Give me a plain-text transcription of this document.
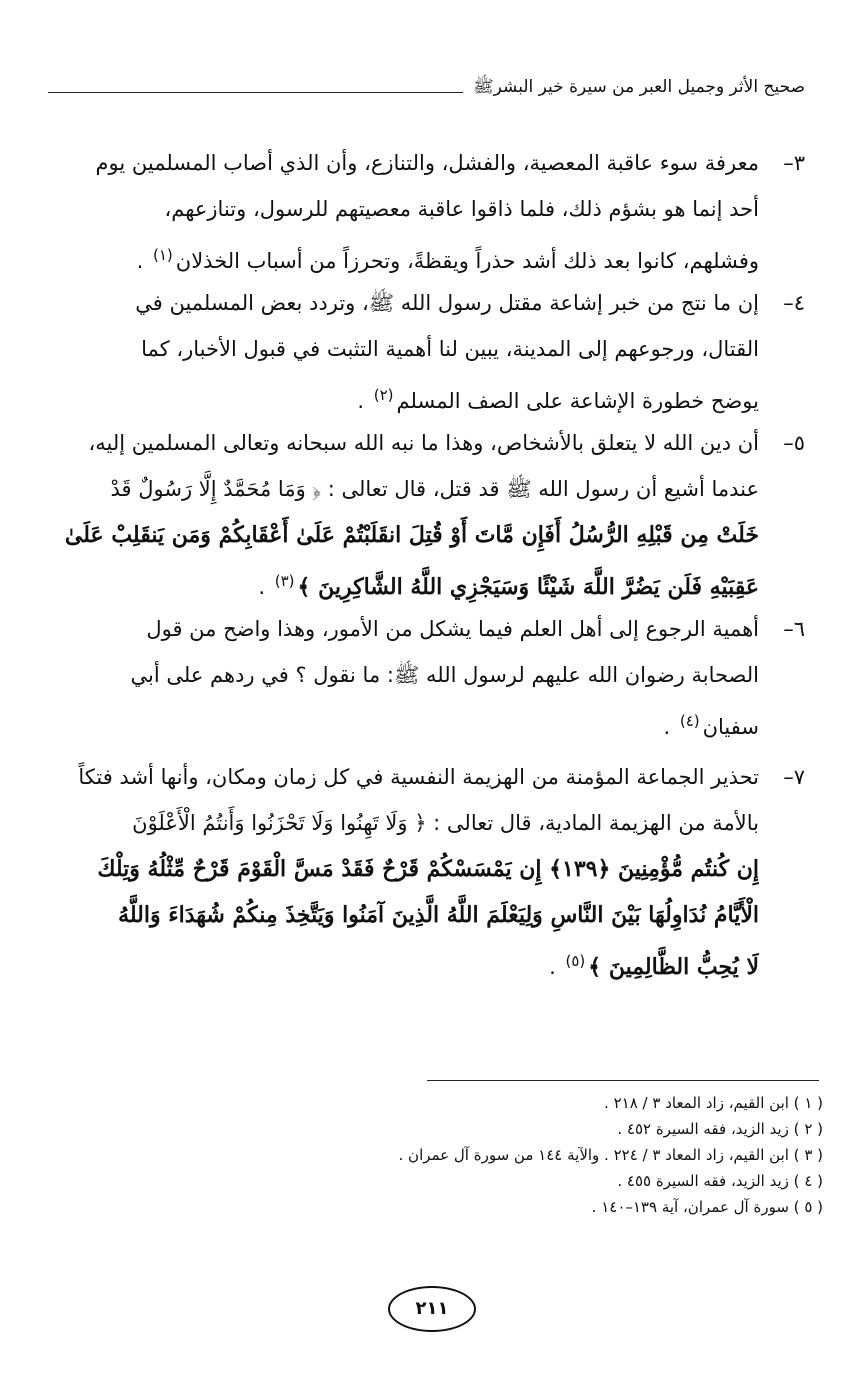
صحيح الأثر وجميل العبر من سيرة خير البشرﷺ
٣–

معرفة سوء عاقبة المعصية، والفشل، والتنازع، وأن الذي أصاب المسلمين يوم
أحد إنما هو بشؤم ذلك، فلما ذاقوا عاقبة معصيتهم للرسول، وتنازعهم،
وفشلهم، كانوا بعد ذلك أشد حذراً ويقظةً، وتحرزاً من أسباب الخذلان$^{(١)}$ .

٤–

إن ما نتج من خبر إشاعة مقتل رسول الله ﷺ، وتردد بعض المسلمين في
القتال، ورجوعهم إلى المدينة، يبين لنا أهمية التثبت في قبول الأخبار، كما
يوضح خطورة الإشاعة على الصف المسلم$^{(٢)}$ .

٥–

أن دين الله لا يتعلق بالأشخاص، وهذا ما نبه الله سبحانه وتعالى المسلمين إليه،
عندما أشيع أن رسول الله ﷺ قد قتل، قال تعالى : ﴿ وَمَا مُحَمَّدٌ إِلَّا رَسُولٌ قَدْ
خَلَتْ مِن قَبْلِهِ الرُّسُلُ أَفَإِن مَّاتَ أَوْ قُتِلَ انقَلَبْتُمْ عَلَىٰ أَعْقَابِكُمْ وَمَن يَنقَلِبْ عَلَىٰ
عَقِبَيْهِ فَلَن يَضُرَّ اللَّهَ شَيْئًا وَسَيَجْزِي اللَّهُ الشَّاكِرِينَ ﴾$^{(٣)}$ .

٦–

أهمية الرجوع إلى أهل العلم فيما يشكل من الأمور، وهذا واضح من قول
الصحابة رضوان الله عليهم لرسول الله ﷺ: ما نقول ؟ في ردهم على أبي
سفيان$^{(٤)}$ .

٧–

تحذير الجماعة المؤمنة من الهزيمة النفسية في كل زمان ومكان، وأنها أشد فتكاً
بالأمة من الهزيمة المادية، قال تعالى : ﴿ وَلَا تَهِنُوا وَلَا تَحْزَنُوا وَأَنتُمُ الْأَعْلَوْنَ
إِن كُنتُم مُّؤْمِنِينَ ﴿١٣٩﴾ إِن يَمْسَسْكُمْ قَرْحٌ فَقَدْ مَسَّ الْقَوْمَ قَرْحٌ مِّثْلُهُ وَتِلْكَ
الْأَيَّامُ نُدَاوِلُهَا بَيْنَ النَّاسِ وَلِيَعْلَمَ اللَّهُ الَّذِينَ آمَنُوا وَيَتَّخِذَ مِنكُمْ شُهَدَاءَ وَاللَّهُ
لَا يُحِبُّ الظَّالِمِينَ ﴾$^{(٥)}$ .

( ١ ) ابن القيم، زاد المعاد ٣ / ٢١٨ .
( ٢ ) زيد الزيد، فقه السيرة ٤٥٢ .
( ٣ ) ابن القيم، زاد المعاد ٣ / ٢٢٤ . والآية ١٤٤ من سورة آل عمران .
( ٤ ) زيد الزيد، فقه السيرة ٤٥٥ .
( ٥ ) سورة آل عمران، آية ١٣٩–١٤٠ .
٢١١
